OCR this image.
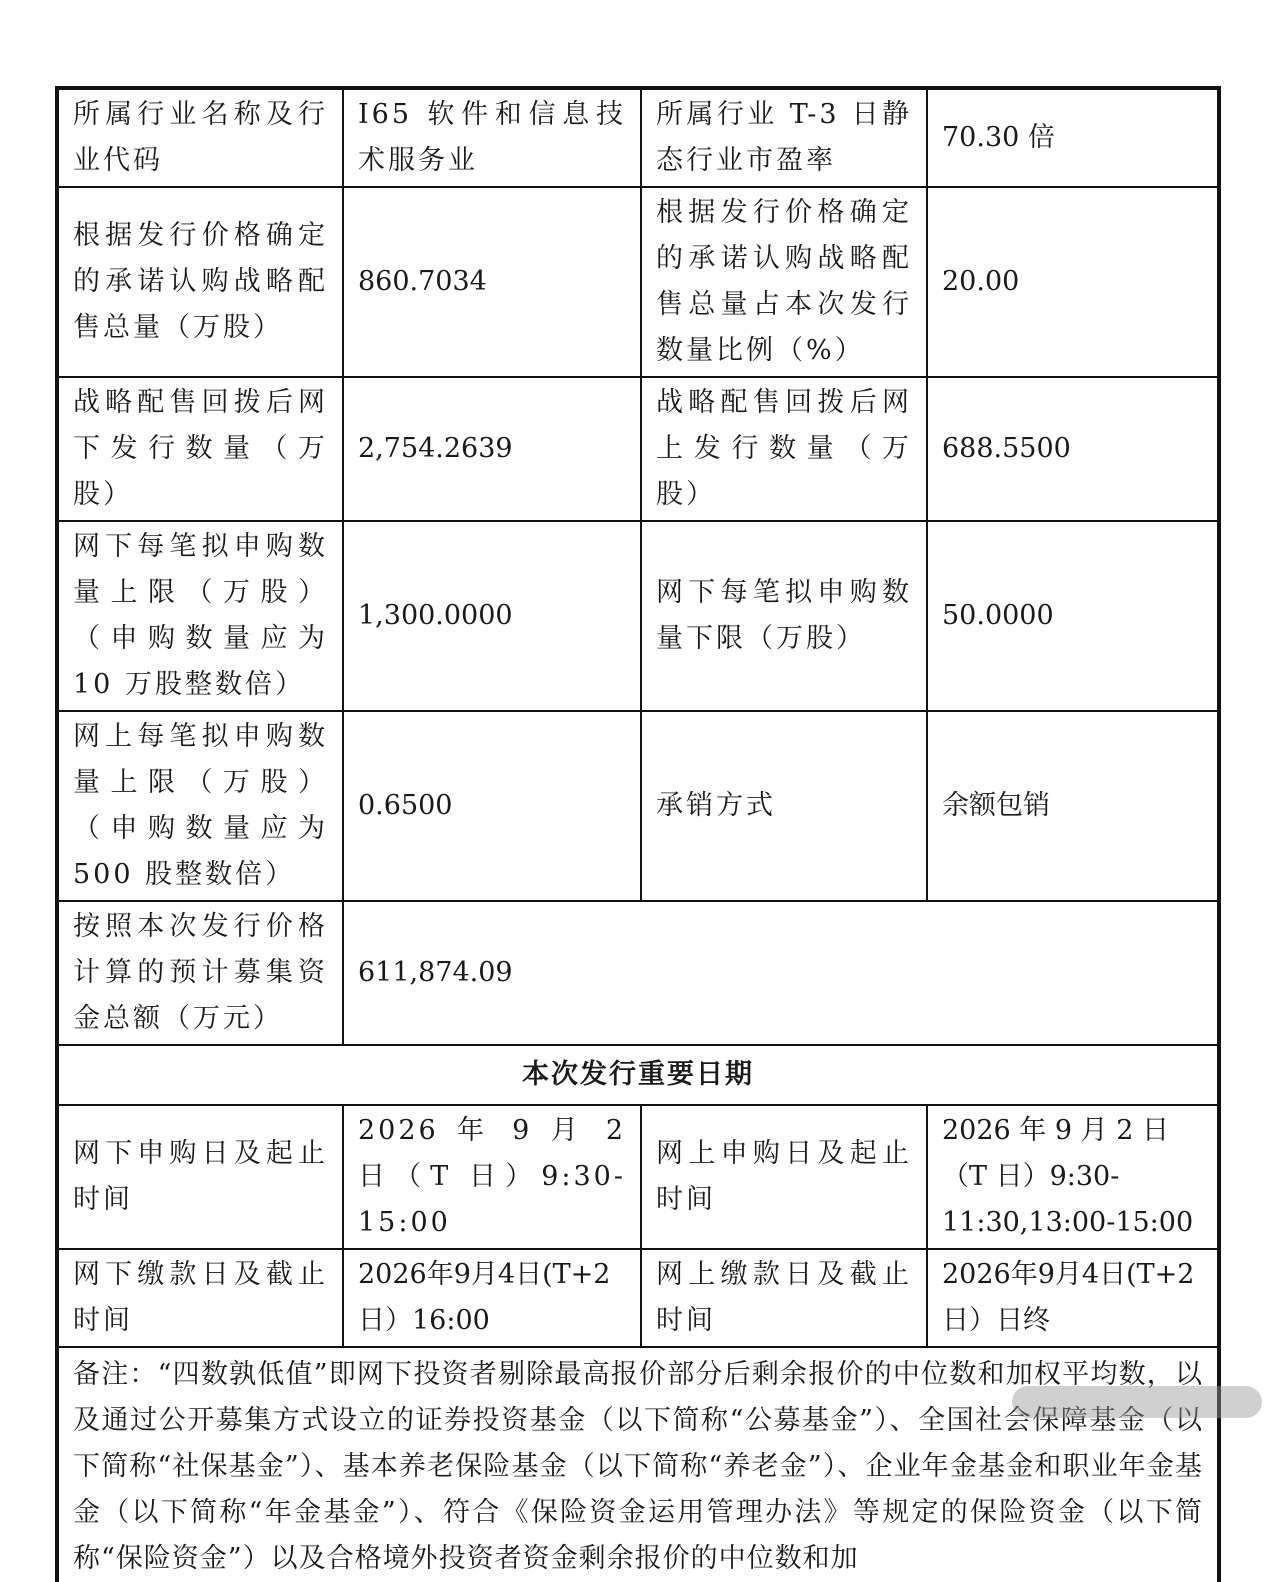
所属行业名称及行业代码	I65 软件和信息技术服务业	所属行业 T-3 日静态行业市盈率	70.30 倍
根据发行价格确定的承诺认购战略配售总量（万股）	860.7034	根据发行价格确定的承诺认购战略配售总量占本次发行数量比例（%）	20.00
战略配售回拨后网下发行数量（万股）	2,754.2639	战略配售回拨后网上发行数量（万股）	688.5500
网下每笔拟申购数量上限（万股）（申购数量应为 10 万股整数倍）	1,300.0000	网下每笔拟申购数量下限（万股）	50.0000
网上每笔拟申购数量上限（万股）（申购数量应为 500 股整数倍）	0.6500	承销方式	余额包销
按照本次发行价格计算的预计募集资金总额（万元）	611,874.09		
本次发行重要日期			
网下申购日及起止时间	2026 年 9 月 2 日（T 日）9:30-15:00	网上申购日及起止时间	2026 年 9 月 2 日（T 日）9:30-11:30,13:00-15:00
网下缴款日及截止时间	2026年9月4日(T+2日）16:00	网上缴款日及截止时间	2026年9月4日(T+2日）日终
备注：“四数孰低值”即网下投资者剔除最高报价部分后剩余报价的中位数和加权平均数，以及通过公开募集方式设立的证券投资基金（以下简称“公募基金”）、全国社会保障基金（以下简称“社保基金”）、基本养老保险基金（以下简称“养老金”）、企业年金基金和职业年金基金（以下简称“年金基金”）、符合《保险资金运用管理办法》等规定的保险资金（以下简称“保险资金”）以及合格境外投资者资金剩余报价的中位数和加			
